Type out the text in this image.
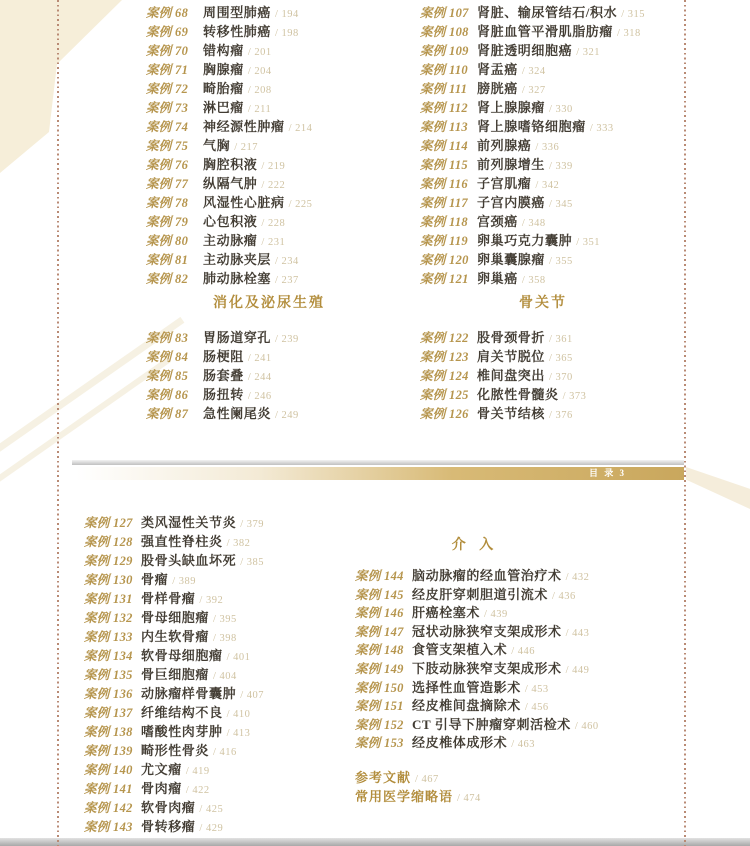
案例 68	周围型肺癌 / 194
案例 69	转移性肺癌 / 198
案例 70	错构瘤 / 201
案例 71	胸腺瘤 / 204
案例 72	畸胎瘤 / 208
案例 73	淋巴瘤 / 211
案例 74	神经源性肿瘤 / 214
案例 75	气胸 / 217
案例 76	胸腔积液 / 219
案例 77	纵隔气肿 / 222
案例 78	风湿性心脏病 / 225
案例 79	心包积液 / 228
案例 80	主动脉瘤 / 231
案例 81	主动脉夹层 / 234
案例 82	肺动脉栓塞 / 237
消化及泌尿生殖
案例 83	胃肠道穿孔 / 239
案例 84	肠梗阻 / 241
案例 85	肠套叠 / 244
案例 86	肠扭转 / 246
案例 87	急性阑尾炎 / 249
案例 107 肾脏、输尿管结石/积水 / 315
案例 108 肾脏血管平滑肌脂肪瘤 / 318
案例 109 肾脏透明细胞癌 / 321
案例 110 肾盂癌 / 324
案例 111 膀胱癌 / 327
案例 112 肾上腺腺瘤 / 330
案例 113 肾上腺嗜铬细胞瘤 / 333
案例 114 前列腺癌 / 336
案例 115 前列腺增生 / 339
案例 116 子宫肌瘤 / 342
案例 117 子宫内膜癌 / 345
案例 118 宫颈癌 / 348
案例 119 卵巢巧克力囊肿 / 351
案例 120 卵巢囊腺瘤 / 355
案例 121 卵巢癌 / 358
骨关节
案例 122 股骨颈骨折 / 361
案例 123 肩关节脱位 / 365
案例 124 椎间盘突出 / 370
案例 125 化脓性骨髓炎 / 373
案例 126 骨关节结核 / 376
目 录 3
案例 127 类风湿性关节炎 / 379
案例 128 强直性脊柱炎 / 382
案例 129 股骨头缺血坏死 / 385
案例 130 骨瘤 / 389
案例 131 骨样骨瘤 / 392
案例 132 骨母细胞瘤 / 395
案例 133 内生软骨瘤 / 398
案例 134 软骨母细胞瘤 / 401
案例 135 骨巨细胞瘤 / 404
案例 136 动脉瘤样骨囊肿 / 407
案例 137 纤维结构不良 / 410
案例 138 嗜酸性肉芽肿 / 413
案例 139 畸形性骨炎 / 416
案例 140 尤文瘤 / 419
案例 141 骨肉瘤 / 422
案例 142 软骨肉瘤 / 425
案例 143 骨转移瘤 / 429
介 入
案例 144 脑动脉瘤的经血管治疗术 / 432
案例 145 经皮肝穿刺胆道引流术 / 436
案例 146 肝癌栓塞术 / 439
案例 147 冠状动脉狭窄支架成形术 / 443
案例 148 食管支架植入术 / 446
案例 149 下肢动脉狭窄支架成形术 / 449
案例 150 选择性血管造影术 / 453
案例 151 经皮椎间盘摘除术 / 456
案例 152 CT 引导下肿瘤穿刺活检术 / 460
案例 153 经皮椎体成形术 / 463
参考文献 / 467
常用医学缩略语 / 474
